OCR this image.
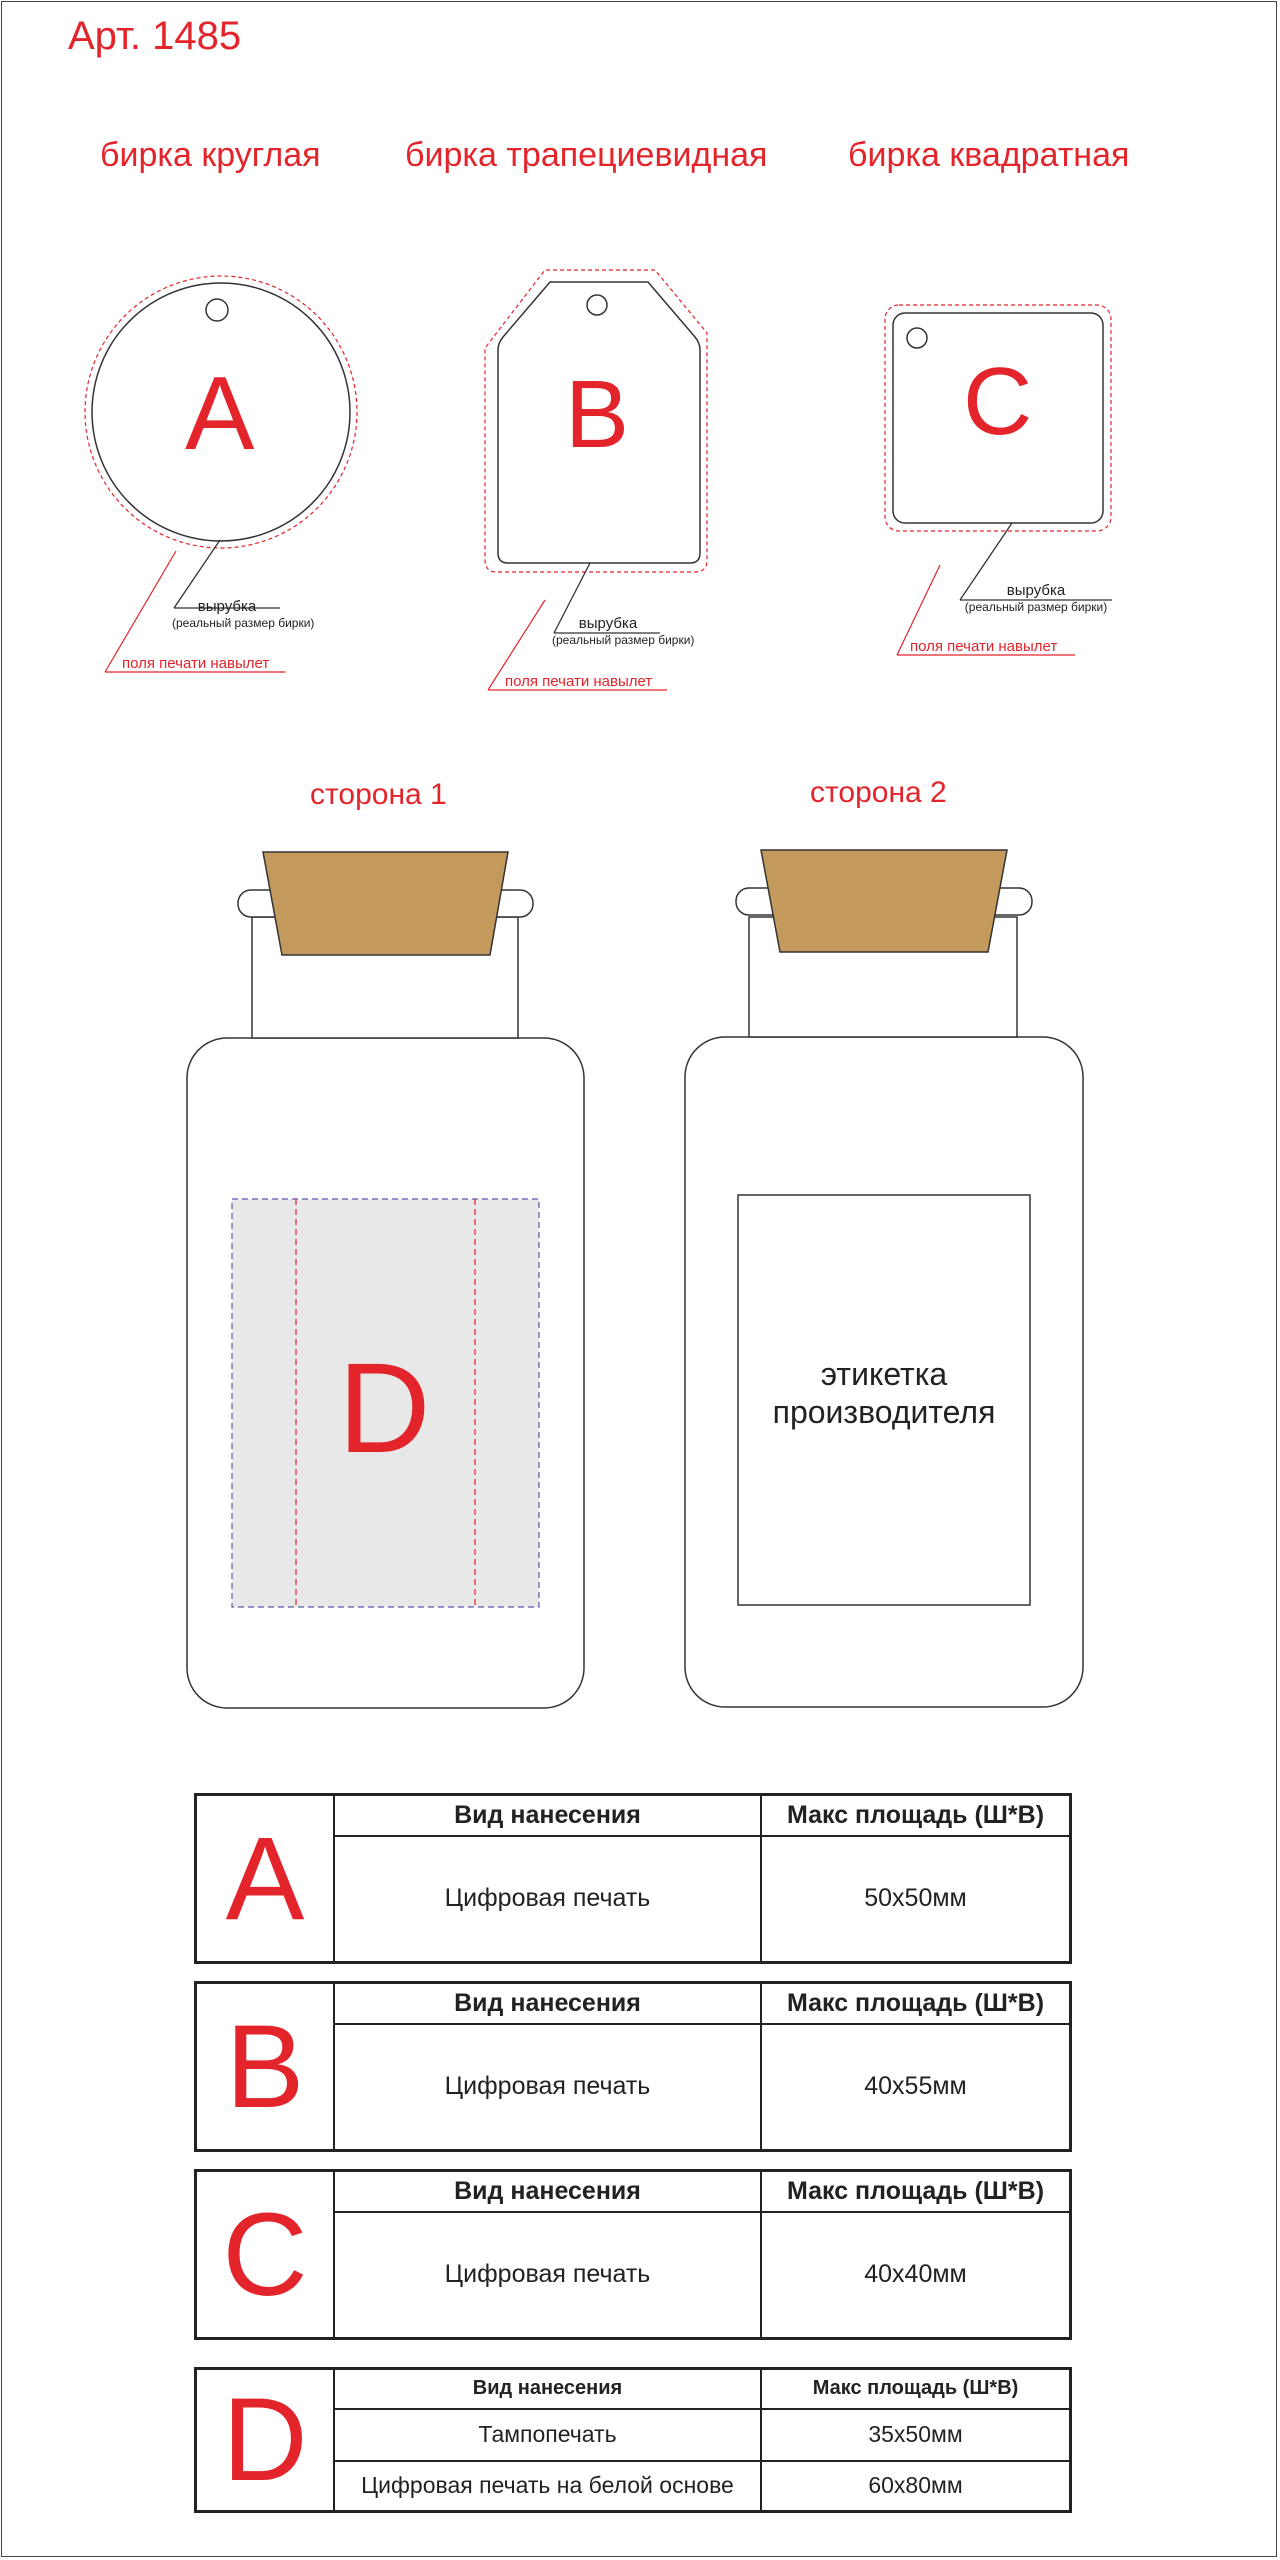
Арт. 1485
бирка круглая бирка трапециевидная бирка квадратная
A	B	C
вырубка
(реальный размер бирки)
поля печати навылет
вырубка
(реальный размер бирки)
поля печати навылет
вырубка
(реальный размер бирки)
поля печати навылет
сторона 1	сторона 2
D	этикетка
производителя
A	Вид нанесения	Макс площадь (Ш*В)
	Цифровая печать	50x50мм
B	Вид нанесения	Макс площадь (Ш*В)
	Цифровая печать	40x55мм
C	Вид нанесения	Макс площадь (Ш*В)
	Цифровая печать	40x40мм
D	Вид нанесения	Макс площадь (Ш*В)
	Тампопечать	35x50мм
	Цифровая печать на белой основе	60x80мм
